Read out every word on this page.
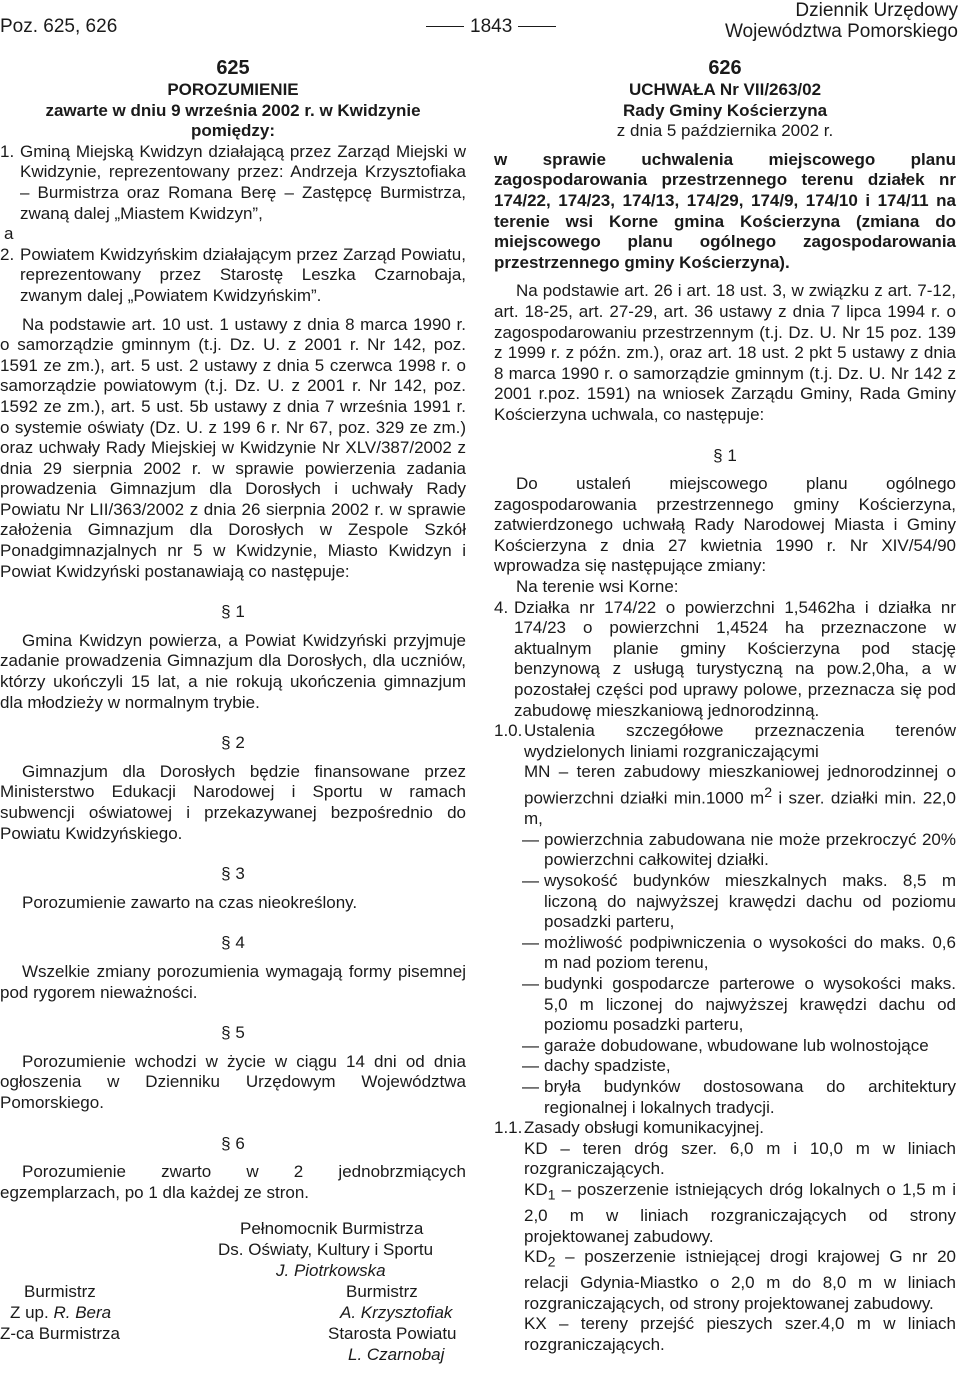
Poz. 625, 626	1843
Dziennik Urzędowy
Województwa Pomorskiego
625
POROZUMIENIE
zawarte w dniu 9 września 2002 r. w Kwidzynie
pomiędzy:
1. Gminą Miejską Kwidzyn działającą przez Zarząd Miejski w Kwidzynie, reprezentowany przez: Andrzeja Krzysztofiaka – Burmistrza oraz Romana Berę – Zastępcę Burmistrza, zwaną dalej „Miastem Kwidzyn”,
a
2. Powiatem Kwidzyńskim działającym przez Zarząd Powiatu, reprezentowany przez Starostę Leszka Czarnobaja, zwanym dalej „Powiatem Kwidzyńskim”.

Na podstawie art. 10 ust. 1 ustawy z dnia 8 marca 1990 r. o samorządzie gminnym (t.j. Dz. U. z 2001 r. Nr 142, poz. 1591 ze zm.), art. 5 ust. 2 ustawy z dnia 5 czerwca 1998 r. o samorządzie powiatowym (t.j. Dz. U. z 2001 r. Nr 142, poz. 1592 ze zm.), art. 5 ust. 5b ustawy z dnia 7 września 1991 r. o systemie oświaty (Dz. U. z 199 6 r. Nr 67, poz. 329 ze zm.) oraz uchwały Rady Miejskiej w Kwidzynie Nr XLV/387/2002 z dnia 29 sierpnia 2002 r. w sprawie powierzenia zadania prowadzenia Gimnazjum dla Dorosłych i uchwały Rady Powiatu Nr LII/363/2002 z dnia 26 sierpnia 2002 r. w sprawie założenia Gimnazjum dla Dorosłych w Zespole Szkół Ponadgimnazjalnych nr 5 w Kwidzynie, Miasto Kwidzyn i Powiat Kwidzyński postanawiają co następuje:

§ 1

Gmina Kwidzyn powierza, a Powiat Kwidzyński przyjmuje zadanie prowadzenia Gimnazjum dla Dorosłych, dla uczniów, którzy ukończyli 15 lat, a nie rokują ukończenia gimnazjum dla młodzieży w normalnym trybie.

§ 2

Gimnazjum dla Dorosłych będzie finansowane przez Ministerstwo Edukacji Narodowej i Sportu w ramach subwencji oświatowej i przekazywanej bezpośrednio do Powiatu Kwidzyńskiego.

§ 3

Porozumienie zawarto na czas nieokreślony.

§ 4

Wszelkie zmiany porozumienia wymagają formy pisemnej pod rygorem nieważności.

§ 5

Porozumienie wchodzi w życie w ciągu 14 dni od dnia ogłoszenia w Dzienniku Urzędowym Województwa Pomorskiego.

§ 6

Porozumienie zwarto w 2 jednobrzmiących egzemplarzach, po 1 dla każdej ze stron.

Pełnomocnik Burmistrza
Ds. Oświaty, Kultury i Sportu
J. Piotrkowska
Burmistrz
Z up. R. Bera
Z-ca Burmistrza
Burmistrz
A. Krzysztofiak
Starosta Powiatu
L. Czarnobaj
626
UCHWAŁA Nr VII/263/02
Rady Gminy Kościerzyna
z dnia 5 października 2002 r.

w sprawie uchwalenia miejscowego planu zagospodarowania przestrzennego terenu działek nr 174/22, 174/23, 174/13, 174/29, 174/9, 174/10 i 174/11 na terenie wsi Korne gmina Kościerzyna (zmiana do miejscowego planu ogólnego zagospodarowania przestrzennego gminy Kościerzyna).

Na podstawie art. 26 i art. 18 ust. 3, w związku z art. 7-12, art. 18-25, art. 27-29, art. 36 ustawy z dnia 7 lipca 1994 r. o zagospodarowaniu przestrzennym (t.j. Dz. U. Nr 15 poz. 139 z 1999 r. z późn. zm.), oraz art. 18 ust. 2 pkt 5 ustawy z dnia 8 marca 1990 r. o samorządzie gminnym (t.j. Dz. U. Nr 142 z 2001 r.poz. 1591) na wniosek Zarządu Gminy, Rada Gminy Kościerzyna uchwala, co następuje:

§ 1

Do ustaleń miejscowego planu ogólnego zagospodarowania przestrzennego gminy Kościerzyna, zatwierdzonego uchwałą Rady Narodowej Miasta i Gminy Kościerzyna z dnia 27 kwietnia 1990 r. Nr XIV/54/90 wprowadza się następujące zmiany:

Na terenie wsi Korne:
4. Działka nr 174/22 o powierzchni 1,5462ha i działka nr 174/23 o powierzchni 1,4524 ha przeznaczone w aktualnym planie gminy Kościerzyna pod stację benzynową z usługą turystyczną na pow.2,0ha, a w pozostałej części pod uprawy polowe, przeznacza się pod zabudowę mieszkaniową jednorodzinną.
1.0. Ustalenia szczegółowe przeznaczenia terenów wydzielonych liniami rozgraniczającymi
MN – teren zabudowy mieszkaniowej jednorodzinnej o powierzchni działki min.1000 $m^2$ i szer. działki min. 22,0 m,
— powierzchnia zabudowana nie może przekroczyć 20% powierzchni całkowitej działki.
— wysokość budynków mieszkalnych maks. 8,5 m liczoną do najwyższej krawędzi dachu od poziomu posadzki parteru,
— możliwość podpiwniczenia o wysokości do maks. 0,6 m nad poziom terenu,
— budynki gospodarcze parterowe o wysokości maks. 5,0 m liczonej do najwyższej krawędzi dachu od poziomu posadzki parteru,
— garaże dobudowane, wbudowane lub wolnostojące
— dachy spadziste,
— bryła budynków dostosowana do architektury regionalnej i lokalnych tradycji.
1.1. Zasady obsługi komunikacyjnej.
KD – teren dróg szer. 6,0 m i 10,0 m w liniach rozgraniczających.
$KD_1$ – poszerzenie istniejących dróg lokalnych o 1,5 m i 2,0 m w liniach rozgraniczających od strony projektowanej zabudowy.
$KD_2$ – poszerzenie istniejącej drogi krajowej G nr 20 relacji Gdynia-Miastko o 2,0 m do 8,0 m w liniach rozgraniczających, od strony projektowanej zabudowy.
KX – tereny przejść pieszych szer.4,0 m w liniach rozgraniczających.
